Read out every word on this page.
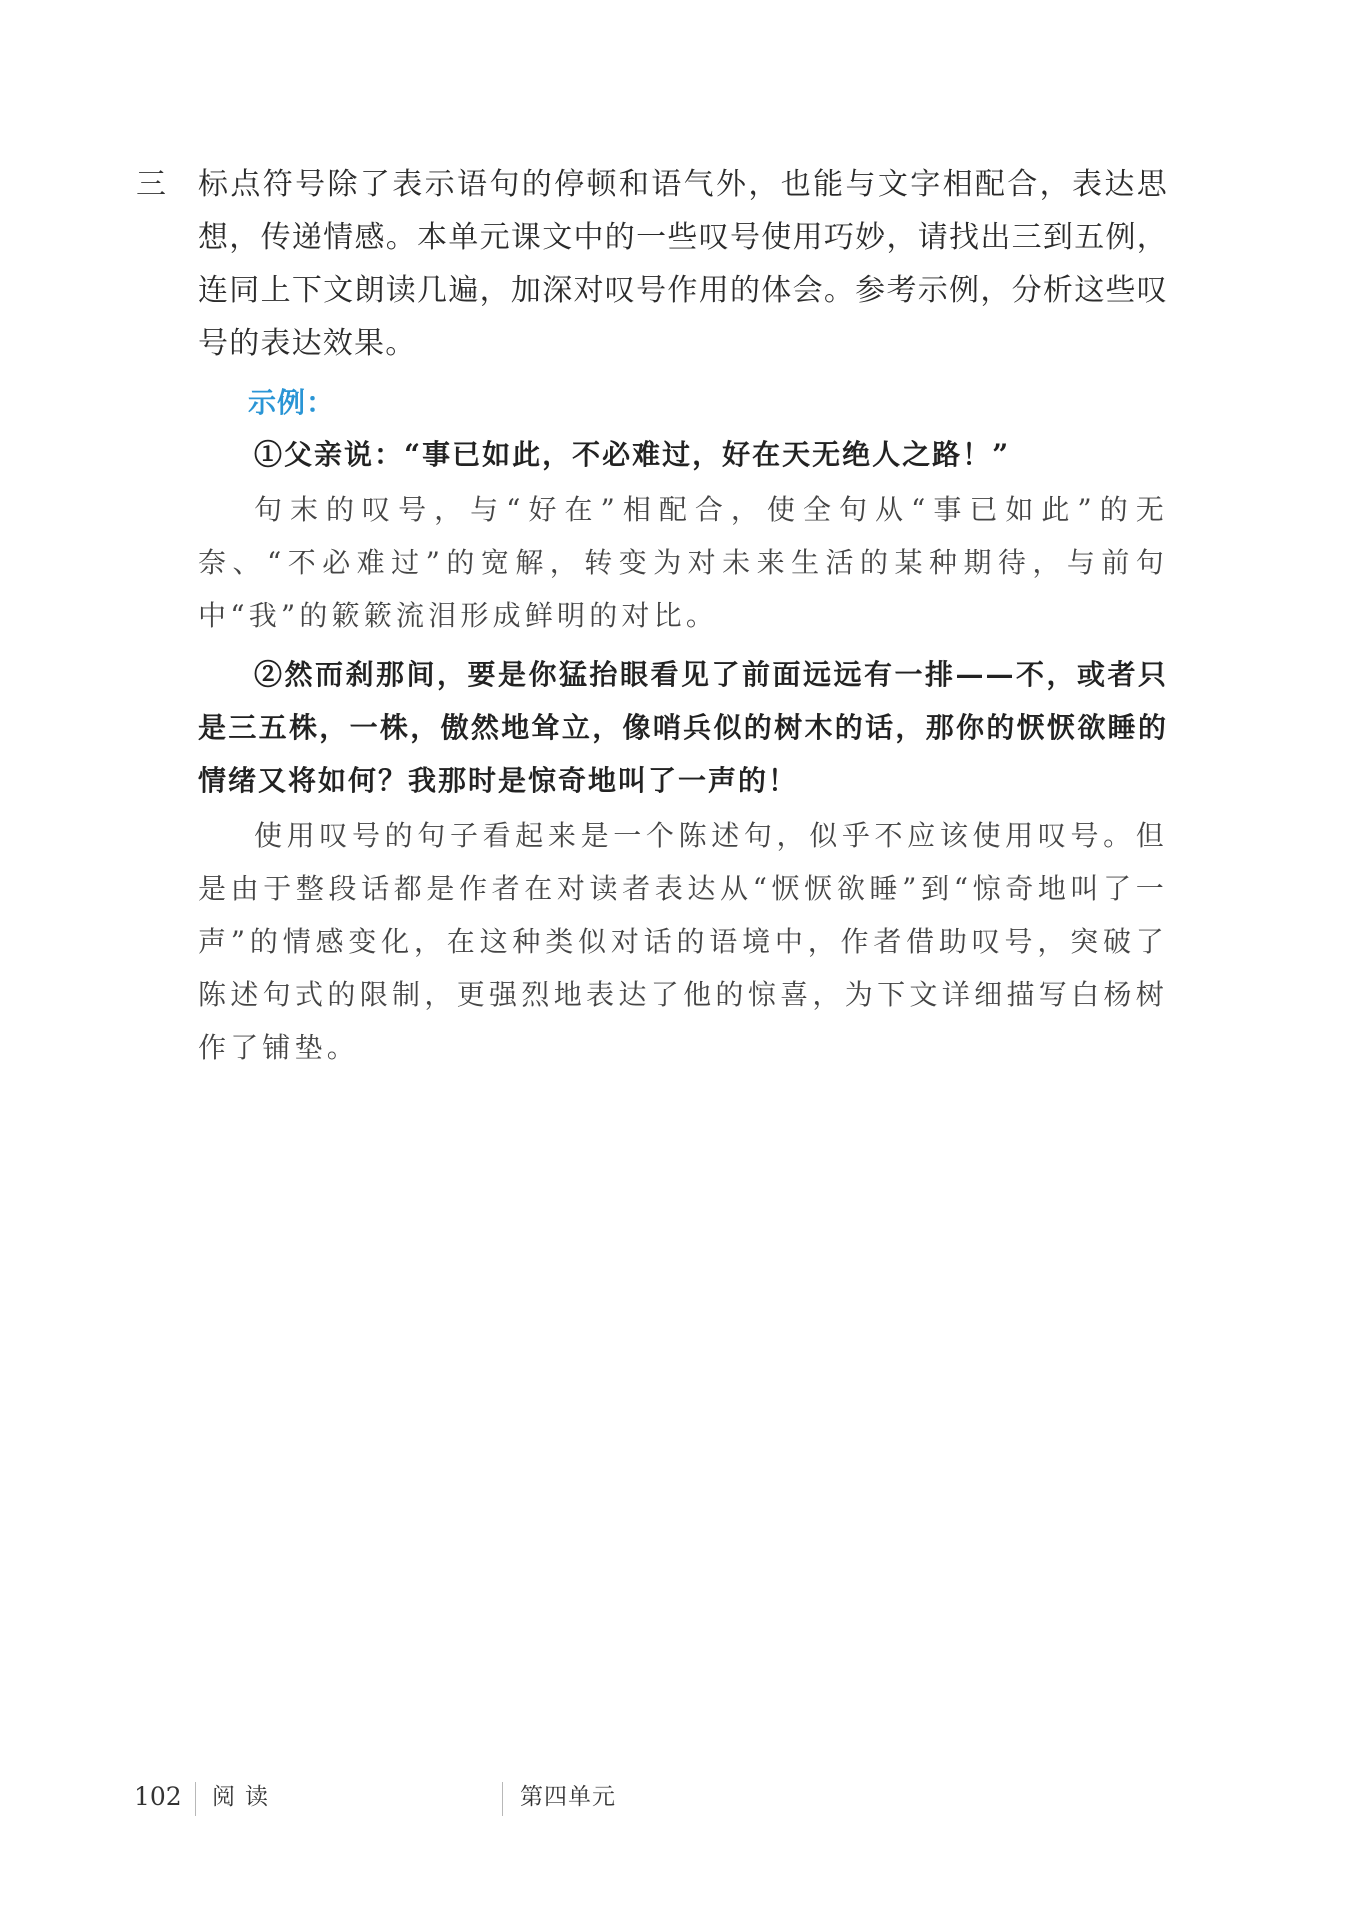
三 标点符号除了表示语句的停顿和语气外，也能与文字相配合，表达思想，传递情感。本单元课文中的一些叹号使用巧妙，请找出三到五例，连同上下文朗读几遍，加深对叹号作用的体会。参考示例，分析这些叹号的表达效果。
示例：
①父亲说：“事已如此，不必难过，好在天无绝人之路！”
句末的叹号，与“好在”相配合，使全句从“事已如此”的无奈、“不必难过”的宽解，转变为对未来生活的某种期待，与前句中“我”的簌簌流泪形成鲜明的对比。
②然而刹那间，要是你猛抬眼看见了前面远远有一排——不，或者只是三五株，一株，傲然地耸立，像哨兵似的树木的话，那你的恹恹欲睡的情绪又将如何？我那时是惊奇地叫了一声的！
使用叹号的句子看起来是一个陈述句，似乎不应该使用叹号。但是由于整段话都是作者在对读者表达从“恹恹欲睡”到“惊奇地叫了一声”的情感变化，在这种类似对话的语境中，作者借助叹号，突破了陈述句式的限制，更强烈地表达了他的惊喜，为下文详细描写白杨树作了铺垫。
102 阅读	第四单元
